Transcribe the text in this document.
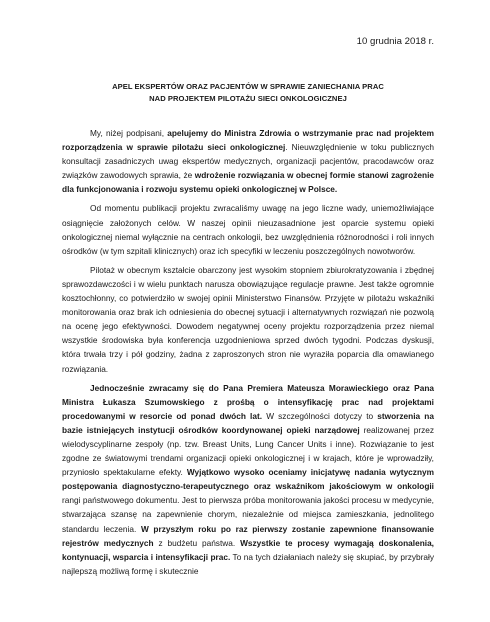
10 grudnia 2018 r.
APEL EKSPERTÓW ORAZ PACJENTÓW W SPRAWIE ZANIECHANIA PRAC
NAD PROJEKTEM PILOTAŻU SIECI ONKOLOGICZNEJ

My, niżej podpisani, apelujemy do Ministra Zdrowia o wstrzymanie prac nad projektem rozporządzenia w sprawie pilotażu sieci onkologicznej. Nieuwzględnienie w toku publicznych konsultacji zasadniczych uwag ekspertów medycznych, organizacji pacjentów, pracodawców oraz związków zawodowych sprawia, że wdrożenie rozwiązania w obecnej formie stanowi zagrożenie dla funkcjonowania i rozwoju systemu opieki onkologicznej w Polsce.

Od momentu publikacji projektu zwracaliśmy uwagę na jego liczne wady, uniemożliwiające osiągnięcie założonych celów. W naszej opinii nieuzasadnione jest oparcie systemu opieki onkologicznej niemal wyłącznie na centrach onkologii, bez uwzględnienia różnorodności i roli innych ośrodków (w tym szpitali klinicznych) oraz ich specyfiki w leczeniu poszczególnych nowotworów.

Pilotaż w obecnym kształcie obarczony jest wysokim stopniem zbiurokratyzowania i zbędnej sprawozdawczości i w wielu punktach narusza obowiązujące regulacje prawne. Jest także ogromnie kosztochłonny, co potwierdziło w swojej opinii Ministerstwo Finansów. Przyjęte w pilotażu wskaźniki monitorowania oraz brak ich odniesienia do obecnej sytuacji i alternatywnych rozwiązań nie pozwolą na ocenę jego efektywności. Dowodem negatywnej oceny projektu rozporządzenia przez niemal wszystkie środowiska była konferencja uzgodnieniowa sprzed dwóch tygodni. Podczas dyskusji, która trwała trzy i pół godziny, żadna z zaproszonych stron nie wyraziła poparcia dla omawianego rozwiązania.

Jednocześnie zwracamy się do Pana Premiera Mateusza Morawieckiego oraz Pana Ministra Łukasza Szumowskiego z prośbą o intensyfikację prac nad projektami procedowanymi w resorcie od ponad dwóch lat. W szczególności dotyczy to stworzenia na bazie istniejących instytucji ośrodków koordynowanej opieki narządowej realizowanej przez wielodyscyplinarne zespoły (np. tzw. Breast Units, Lung Cancer Units i inne). Rozwiązanie to jest zgodne ze światowymi trendami organizacji opieki onkologicznej i w krajach, które je wprowadziły, przyniosło spektakularne efekty. Wyjątkowo wysoko oceniamy inicjatywę nadania wytycznym postępowania diagnostyczno-terapeutycznego oraz wskaźnikom jakościowym w onkologii rangi państwowego dokumentu. Jest to pierwsza próba monitorowania jakości procesu w medycynie, stwarzająca szansę na zapewnienie chorym, niezależnie od miejsca zamieszkania, jednolitego standardu leczenia. W przyszłym roku po raz pierwszy zostanie zapewnione finansowanie rejestrów medycznych z budżetu państwa. Wszystkie te procesy wymagają doskonalenia, kontynuacji, wsparcia i intensyfikacji prac. To na tych działaniach należy się skupiać, by przybrały najlepszą możliwą formę i skutecznie
